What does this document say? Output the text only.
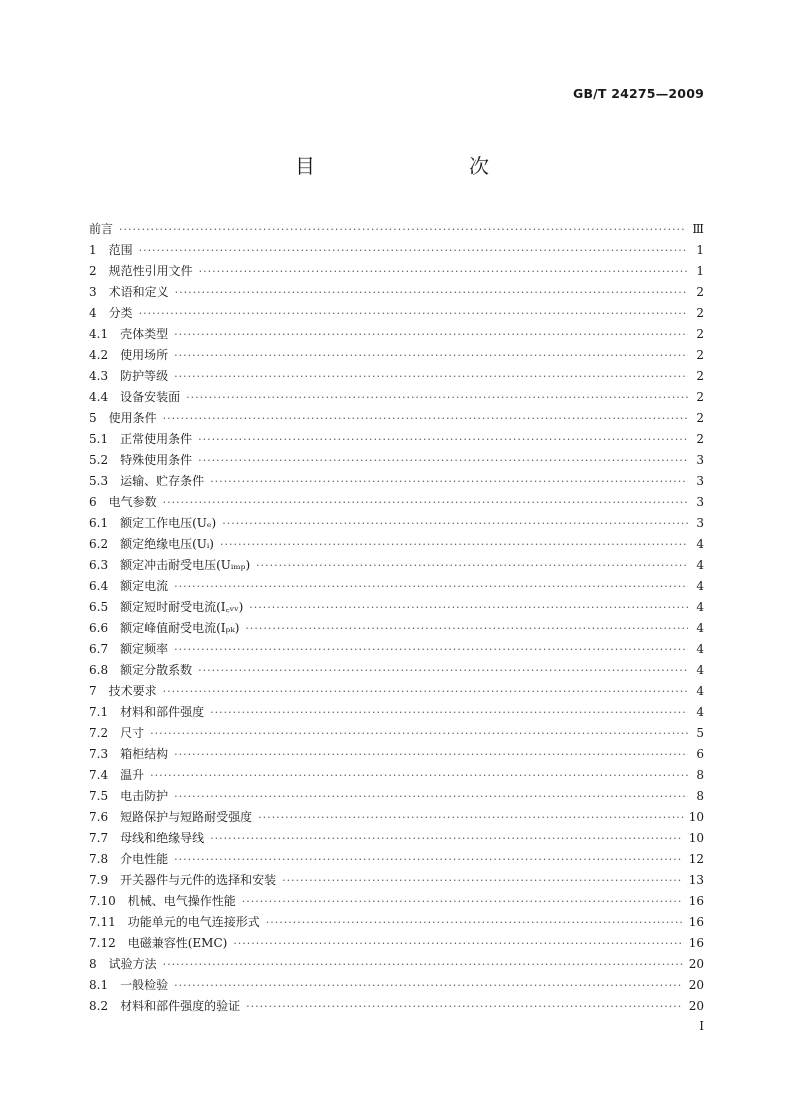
GB/T 24275—2009
目　　次
前言 ·····	Ⅲ
1 范围 ·····	1
2 规范性引用文件 ·····	1
3 术语和定义 ·····	2
4 分类 ·····	2
4.1 壳体类型 ·····	2
4.2 使用场所 ·····	2
4.3 防护等级 ·····	2
4.4 设备安装面 ·····	2
5 使用条件 ·····	2
5.1 正常使用条件 ·····	2
5.2 特殊使用条件 ·····	3
5.3 运输、贮存条件 ·····	3
6 电气参数 ·····	3
6.1 额定工作电压(Uₑ) ·····	3
6.2 额定绝缘电压(Uᵢ) ·····	4
6.3 额定冲击耐受电压(Uᵢₘₚ) ·····	4
6.4 额定电流 ·····	4
6.5 额定短时耐受电流(I꜀ᵥᵥ) ·····	4
6.6 额定峰值耐受电流(Iₚₖ) ·····	4
6.7 额定频率 ·····	4
6.8 额定分散系数 ·····	4
7 技术要求 ·····	4
7.1 材料和部件强度 ·····	4
7.2 尺寸 ·····	5
7.3 箱柜结构 ·····	6
7.4 温升 ·····	8
7.5 电击防护 ·····	8
7.6 短路保护与短路耐受强度 ·····	10
7.7 母线和绝缘导线 ·····	10
7.8 介电性能 ·····	12
7.9 开关器件与元件的选择和安装 ·····	13
7.10 机械、电气操作性能 ·····	16
7.11 功能单元的电气连接形式 ·····	16
7.12 电磁兼容性(EMC) ·····	16
8 试验方法 ·····	20
8.1 一般检验 ·····	20
8.2 材料和部件强度的验证 ·····	20
I
